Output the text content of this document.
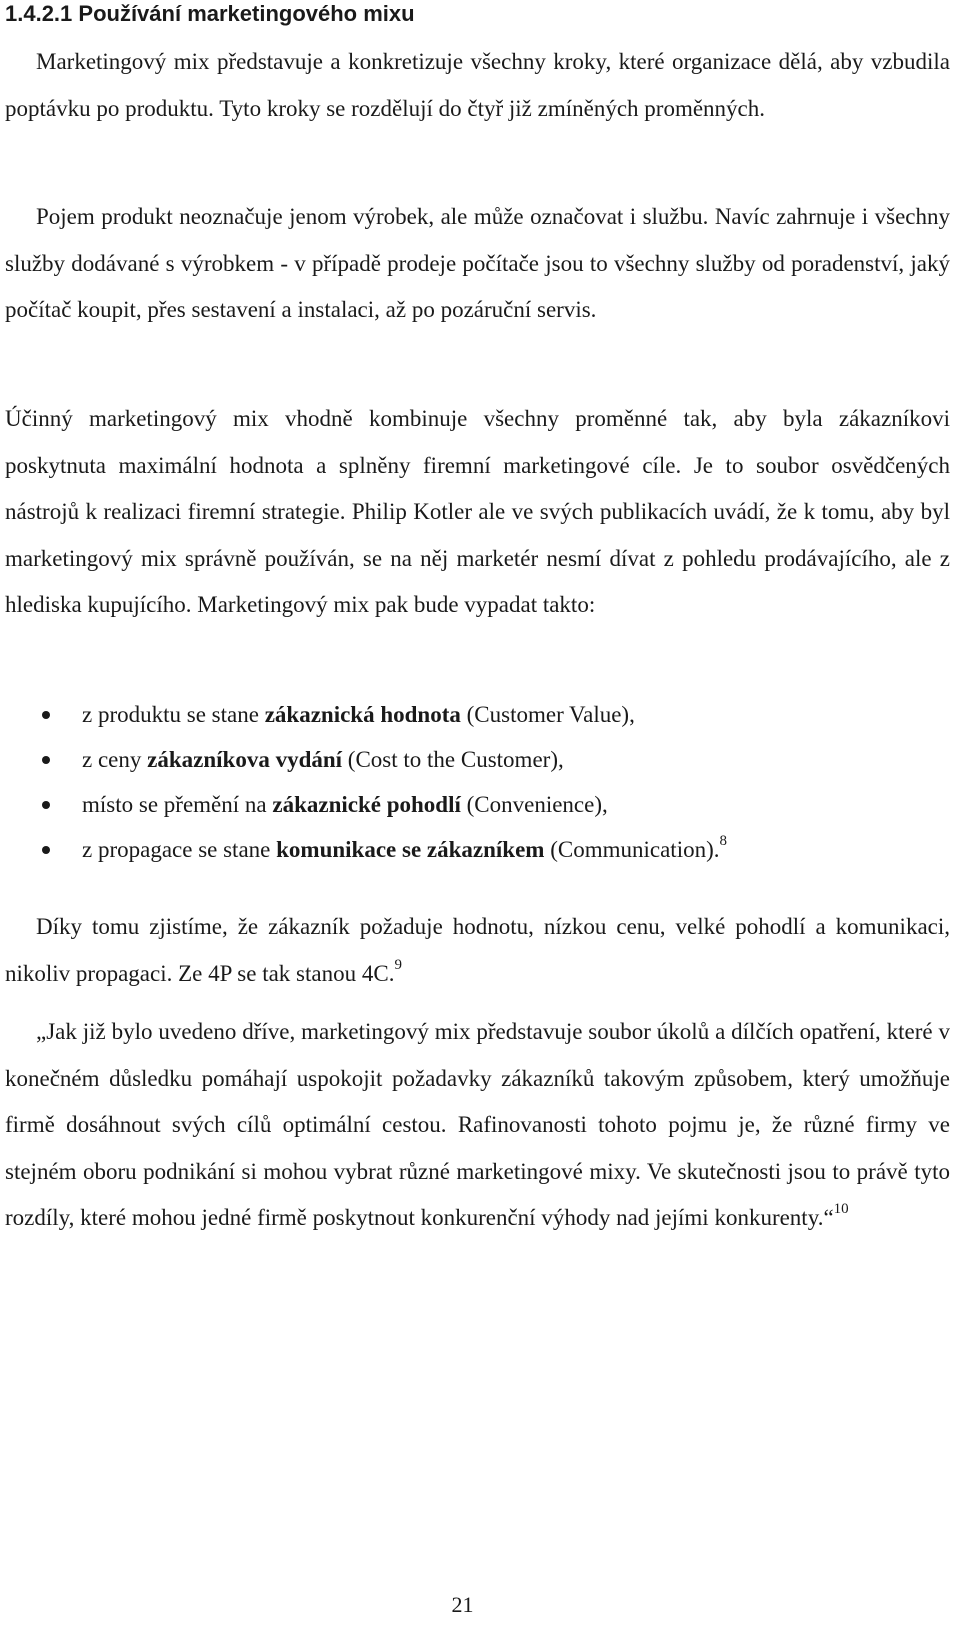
1.4.2.1 Používání marketingového mixu

Marketingový mix představuje a konkretizuje všechny kroky, které organizace dělá, aby vzbudila poptávku po produktu. Tyto kroky se rozdělují do čtyř již zmíněných proměnných.

Pojem produkt neoznačuje jenom výrobek, ale může označovat i službu. Navíc zahrnuje i všechny služby dodávané s výrobkem - v případě prodeje počítače jsou to všechny služby od poradenství, jaký počítač koupit, přes sestavení a instalaci, až po pozáruční servis.

Účinný marketingový mix vhodně kombinuje všechny proměnné tak, aby byla zákazníkovi poskytnuta maximální hodnota a splněny firemní marketingové cíle. Je to soubor osvědčených nástrojů k realizaci firemní strategie. Philip Kotler ale ve svých publikacích uvádí, že k tomu, aby byl marketingový mix správně používán, se na něj marketér nesmí dívat z pohledu prodávajícího, ale z hlediska kupujícího. Marketingový mix pak bude vypadat takto:

z produktu se stane zákaznická hodnota (Customer Value),
z ceny zákazníkova vydání (Cost to the Customer),
místo se přemění na zákaznické pohodlí (Convenience),
z propagace se stane komunikace se zákazníkem (Communication).$^8$

Díky tomu zjistíme, že zákazník požaduje hodnotu, nízkou cenu, velké pohodlí a komunikaci, nikoliv propagaci. Ze 4P se tak stanou 4C.$^9$

„Jak již bylo uvedeno dříve, marketingový mix představuje soubor úkolů a dílčích opatření, které v konečném důsledku pomáhají uspokojit požadavky zákazníků takovým způsobem, který umožňuje firmě dosáhnout svých cílů optimální cestou. Rafinovanosti tohoto pojmu je, že různé firmy ve stejném oboru podnikání si mohou vybrat různé marketingové mixy. Ve skutečnosti jsou to právě tyto rozdíly, které mohou jedné firmě poskytnout konkurenční výhody nad jejími konkurenty.“$^{10}$

21
